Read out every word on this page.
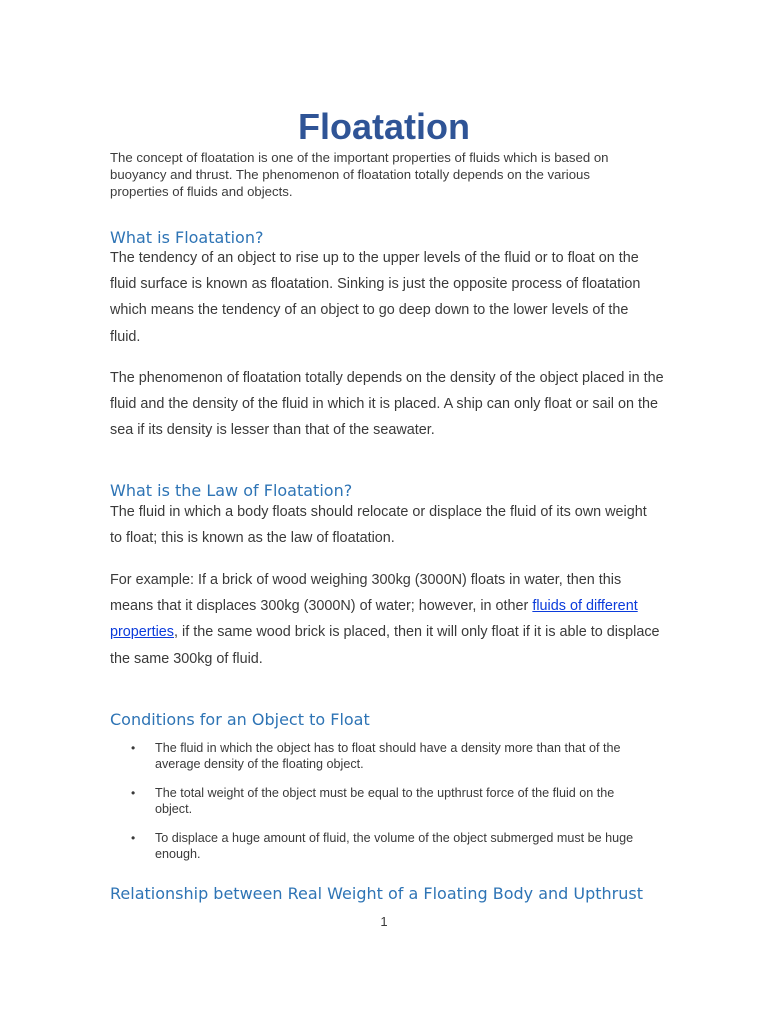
Floatation

The concept of floatation is one of the important properties of fluids which is based on buoyancy and thrust. The phenomenon of floatation totally depends on the various properties of fluids and objects.

What is Floatation?

The tendency of an object to rise up to the upper levels of the fluid or to float on the fluid surface is known as floatation. Sinking is just the opposite process of floatation which means the tendency of an object to go deep down to the lower levels of the fluid.

The phenomenon of floatation totally depends on the density of the object placed in the fluid and the density of the fluid in which it is placed. A ship can only float or sail on the sea if its density is lesser than that of the seawater.

What is the Law of Floatation?

The fluid in which a body floats should relocate or displace the fluid of its own weight to float; this is known as the law of floatation.

For example: If a brick of wood weighing 300kg (3000N) floats in water, then this means that it displaces 300kg (3000N) of water; however, in other fluids of different properties, if the same wood brick is placed, then it will only float if it is able to displace the same 300kg of fluid.

Conditions for an Object to Float
• The fluid in which the object has to float should have a density more than that of the average density of the floating object.
• The total weight of the object must be equal to the upthrust force of the fluid on the object.
• To displace a huge amount of fluid, the volume of the object submerged must be huge enough.
Relationship between Real Weight of a Floating Body and Upthrust
1
